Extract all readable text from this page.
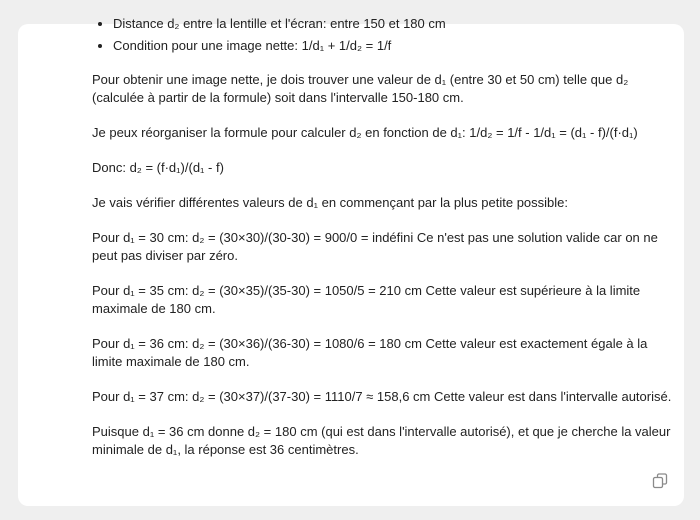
• Distance d₂ entre la lentille et l'écran: entre 150 et 180 cm
• Condition pour une image nette: 1/d₁ + 1/d₂ = 1/f

Pour obtenir une image nette, je dois trouver une valeur de d₁ (entre 30 et 50 cm) telle que d₂ (calculée à partir de la formule) soit dans l'intervalle 150-180 cm.

Je peux réorganiser la formule pour calculer d₂ en fonction de d₁: 1/d₂ = 1/f - 1/d₁ = (d₁ - f)/(f·d₁)

Donc: d₂ = (f·d₁)/(d₁ - f)

Je vais vérifier différentes valeurs de d₁ en commençant par la plus petite possible:

Pour d₁ = 30 cm: d₂ = (30×30)/(30-30) = 900/0 = indéfini Ce n'est pas une solution valide car on ne peut pas diviser par zéro.

Pour d₁ = 35 cm: d₂ = (30×35)/(35-30) = 1050/5 = 210 cm Cette valeur est supérieure à la limite maximale de 180 cm.

Pour d₁ = 36 cm: d₂ = (30×36)/(36-30) = 1080/6 = 180 cm Cette valeur est exactement égale à la limite maximale de 180 cm.

Pour d₁ = 37 cm: d₂ = (30×37)/(37-30) = 1110/7 ≈ 158,6 cm Cette valeur est dans l'intervalle autorisé.

Puisque d₁ = 36 cm donne d₂ = 180 cm (qui est dans l'intervalle autorisé), et que je cherche la valeur minimale de d₁, la réponse est 36 centimètres.
